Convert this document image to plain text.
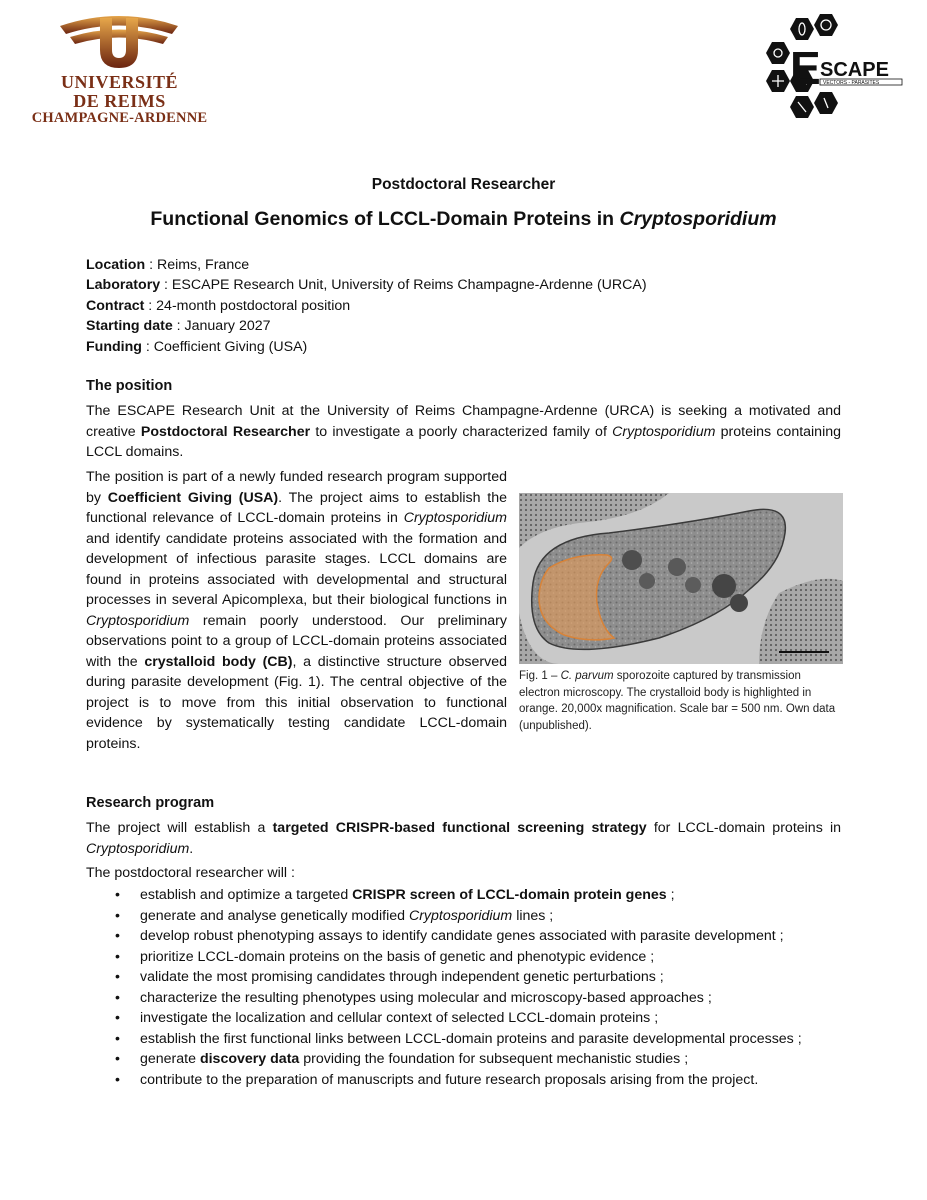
UNIVERSITÉ
DE REIMS
CHAMPAGNE-ARDENNE
E SCAPE
VECTORS - PARASITES
Postdoctoral Researcher
Functional Genomics of LCCL-Domain Proteins in Cryptosporidium
Location : Reims, France
Laboratory : ESCAPE Research Unit, University of Reims Champagne-Ardenne (URCA)
Contract : 24-month postdoctoral position
Starting date : January 2027
Funding : Coefficient Giving (USA)
The position

The ESCAPE Research Unit at the University of Reims Champagne-Ardenne (URCA) is seeking a motivated and creative Postdoctoral Researcher to investigate a poorly characterized family of Cryptosporidium proteins containing LCCL domains.

The position is part of a newly funded research program supported by Coefficient Giving (USA). The project aims to establish the functional relevance of LCCL-domain proteins in Cryptosporidium and identify candidate proteins associated with the formation and development of infectious parasite stages. LCCL domains are found in proteins associated with developmental and structural processes in several Apicomplexa, but their biological functions in Cryptosporidium remain poorly understood. Our preliminary observations point to a group of LCCL-domain proteins associated with the crystalloid body (CB), a distinctive structure observed during parasite development (Fig. 1). The central objective of the project is to move from this initial observation to functional evidence by systematically testing candidate LCCL-domain proteins.

Fig. 1 – C. parvum sporozoite captured by transmission electron microscopy. The crystalloid body is highlighted in orange. 20,000x magnification. Scale bar = 500 nm. Own data (unpublished).
Research program

The project will establish a targeted CRISPR-based functional screening strategy for LCCL-domain proteins in Cryptosporidium.

The postdoctoral researcher will :

• establish and optimize a targeted CRISPR screen of LCCL-domain protein genes ;
• generate and analyse genetically modified Cryptosporidium lines ;
• develop robust phenotyping assays to identify candidate genes associated with parasite development ;
• prioritize LCCL-domain proteins on the basis of genetic and phenotypic evidence ;
• validate the most promising candidates through independent genetic perturbations ;
• characterize the resulting phenotypes using molecular and microscopy-based approaches ;
• investigate the localization and cellular context of selected LCCL-domain proteins ;
• establish the first functional links between LCCL-domain proteins and parasite developmental processes ;
• generate discovery data providing the foundation for subsequent mechanistic studies ;
• contribute to the preparation of manuscripts and future research proposals arising from the project.
